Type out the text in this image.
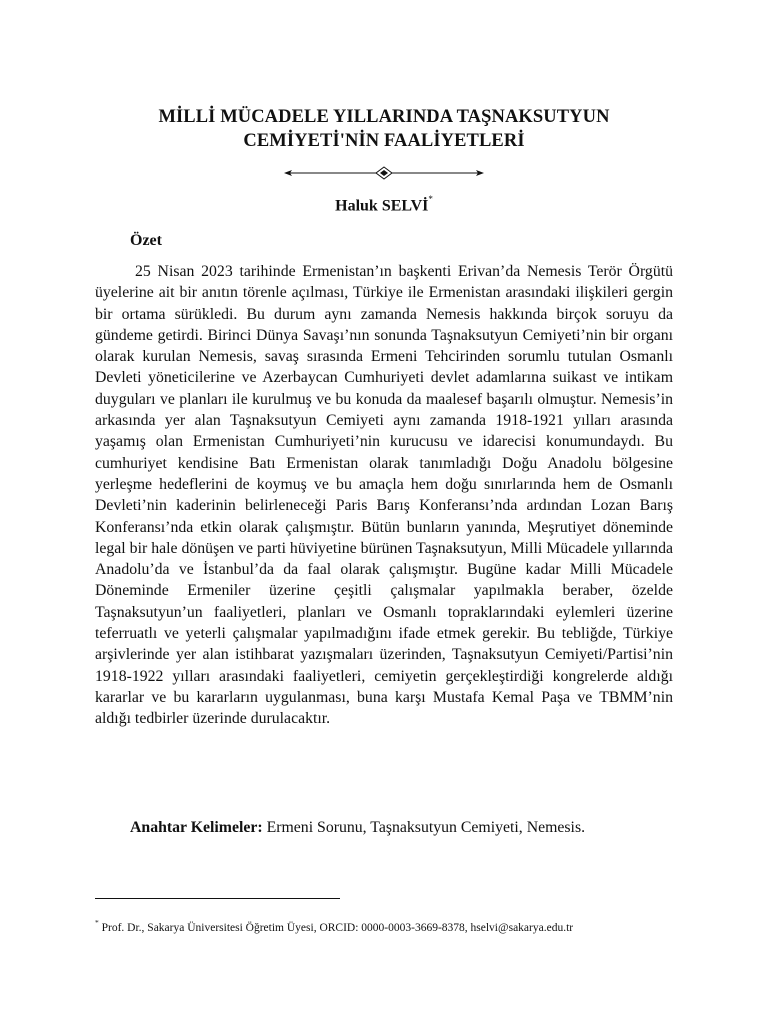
MİLLİ MÜCADELE YILLARINDA TAŞNAKSUTYUN
CEMİYETİ'NİN FAALİYETLERİ
Haluk SELVİ*
Özet

25 Nisan 2023 tarihinde Ermenistan’ın başkenti Erivan’da Nemesis Terör Örgütü üyelerine ait bir anıtın törenle açılması, Türkiye ile Ermenistan arasındaki ilişkileri gergin bir ortama sürükledi. Bu durum aynı zamanda Nemesis hakkında birçok soruyu da gündeme getirdi. Birinci Dünya Savaşı’nın sonunda Taşnaksutyun Cemiyeti’nin bir organı olarak kurulan Nemesis, savaş sırasında Ermeni Tehcirinden sorumlu tutulan Osmanlı Devleti yöneticilerine ve Azerbaycan Cumhuriyeti devlet adamlarına suikast ve intikam duyguları ve planları ile kurulmuş ve bu konuda da maalesef başarılı olmuştur. Nemesis’in arkasında yer alan Taşnaksutyun Cemiyeti aynı zamanda 1918-1921 yılları arasında yaşamış olan Ermenistan Cumhuriyeti’nin kurucusu ve idarecisi konumundaydı. Bu cumhuriyet kendisine Batı Ermenistan olarak tanımladığı Doğu Anadolu bölgesine yerleşme hedeflerini de koymuş ve bu amaçla hem doğu sınırlarında hem de Osmanlı Devleti’nin kaderinin belirleneceği Paris Barış Konferansı’nda ardından Lozan Barış Konferansı’nda etkin olarak çalışmıştır. Bütün bunların yanında, Meşrutiyet döneminde legal bir hale dönüşen ve parti hüviyetine bürünen Taşnaksutyun, Milli Mücadele yıllarında Anadolu’da ve İstanbul’da da faal olarak çalışmıştır. Bugüne kadar Milli Mücadele Döneminde Ermeniler üzerine çeşitli çalışmalar yapılmakla beraber, özelde Taşnaksutyun’un faaliyetleri, planları ve Osmanlı topraklarındaki eylemleri üzerine teferruatlı ve yeterli çalışmalar yapılmadığını ifade etmek gerekir. Bu tebliğde, Türkiye arşivlerinde yer alan istihbarat yazışmaları üzerinden, Taşnaksutyun Cemiyeti/Partisi’nin 1918-1922 yılları arasındaki faaliyetleri, cemiyetin gerçekleştirdiği kongrelerde aldığı kararlar ve bu kararların uygulanması, buna karşı Mustafa Kemal Paşa ve TBMM’nin aldığı tedbirler üzerinde durulacaktır.

Anahtar Kelimeler: Ermeni Sorunu, Taşnaksutyun Cemiyeti, Nemesis.
* Prof. Dr., Sakarya Üniversitesi Öğretim Üyesi, ORCID: 0000-0003-3669-8378, hselvi@sakarya.edu.tr
